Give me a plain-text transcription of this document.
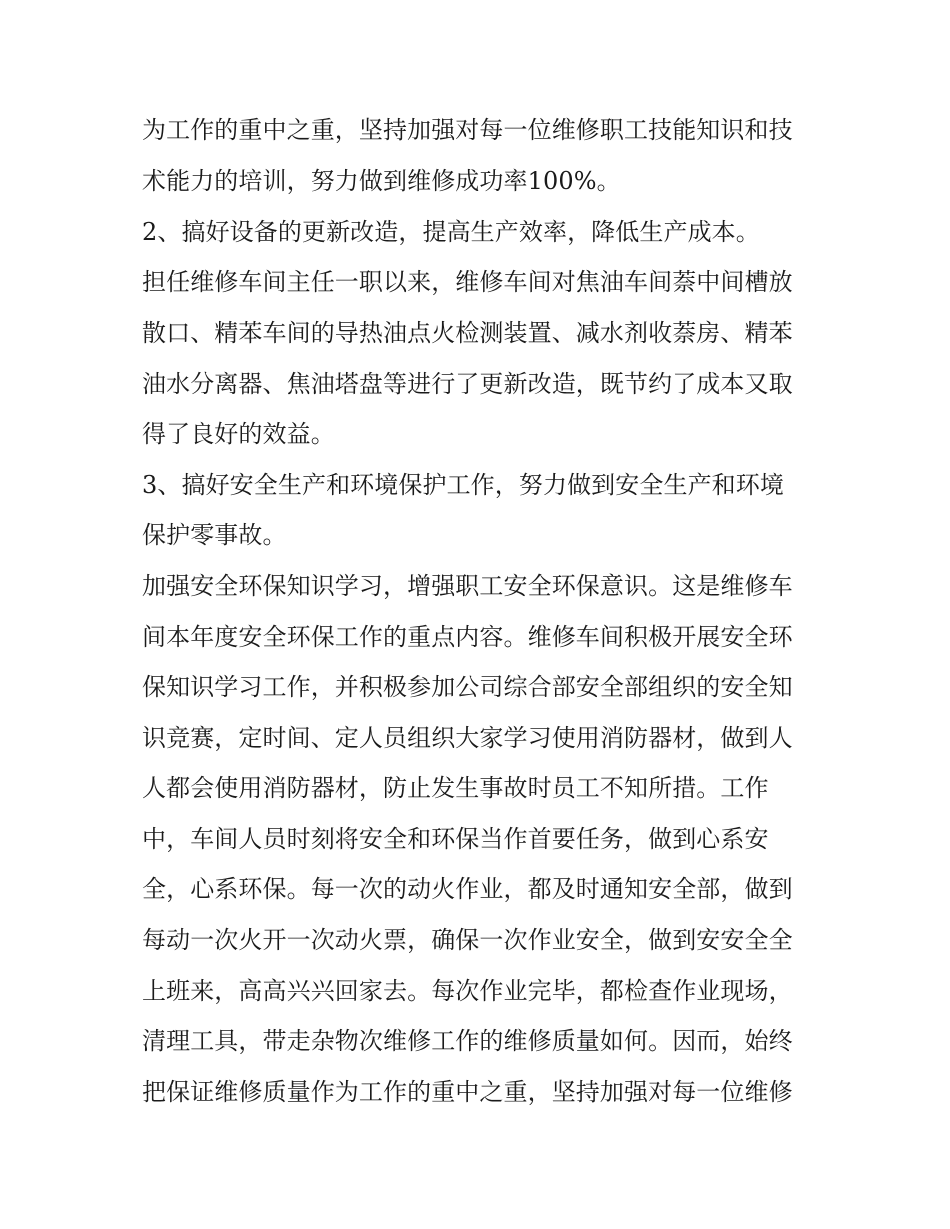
为工作的重中之重，坚持加强对每一位维修职工技能知识和技
术能力的培训，努力做到维修成功率100%。
2、搞好设备的更新改造，提高生产效率，降低生产成本。
担任维修车间主任一职以来，维修车间对焦油车间萘中间槽放
散口、精苯车间的导热油点火检测装置、减水剂收萘房、精苯
油水分离器、焦油塔盘等进行了更新改造，既节约了成本又取
得了良好的效益。
3、搞好安全生产和环境保护工作，努力做到安全生产和环境
保护零事故。
加强安全环保知识学习，增强职工安全环保意识。这是维修车
间本年度安全环保工作的重点内容。维修车间积极开展安全环
保知识学习工作，并积极参加公司综合部安全部组织的安全知
识竞赛，定时间、定人员组织大家学习使用消防器材，做到人
人都会使用消防器材，防止发生事故时员工不知所措。工作
中，车间人员时刻将安全和环保当作首要任务，做到心系安
全，心系环保。每一次的动火作业，都及时通知安全部，做到
每动一次火开一次动火票，确保一次作业安全，做到安安全全
上班来，高高兴兴回家去。每次作业完毕，都检查作业现场，
清理工具，带走杂物次维修工作的维修质量如何。因而，始终
把保证维修质量作为工作的重中之重，坚持加强对每一位维修
